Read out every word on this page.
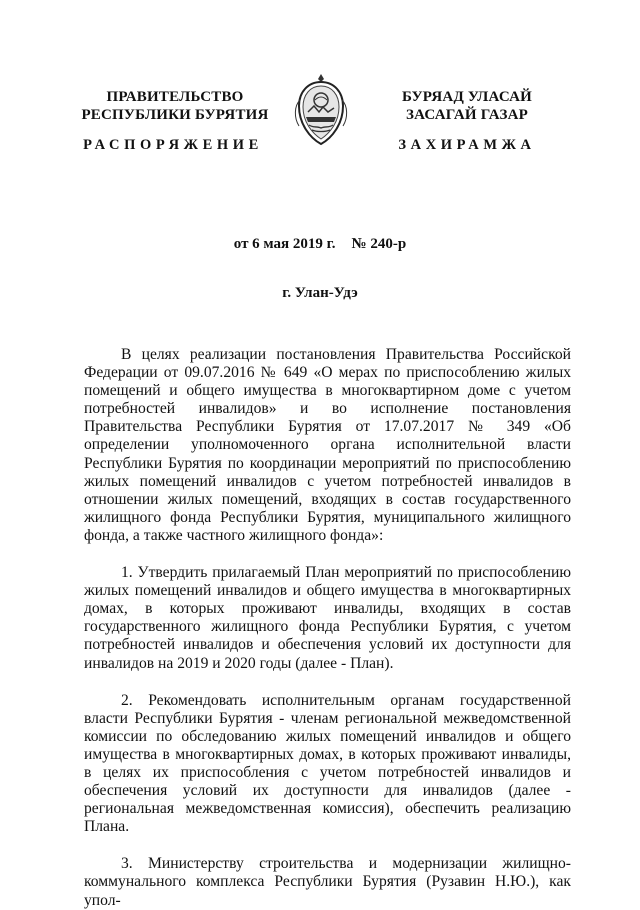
ПРАВИТЕЛЬСТВО
РЕСПУБЛИКИ БУРЯТИЯ
БУРЯАД УЛАСАЙ
ЗАСАГАЙ ГАЗАР
РАСПОРЯЖЕНИЕ	ЗАХИРАМЖА
от 6 мая 2019 г. № 240-р
г. Улан-Удэ

В целях реализации постановления Правительства Российской Федерации от 09.07.2016 № 649 «О мерах по приспособлению жилых помещений и общего имущества в многоквартирном доме с учетом потребностей инвалидов» и во исполнение постановления Правительства Республики Бурятия от 17.07.2017 № 349 «Об определении уполномоченного органа исполнительной власти Республики Бурятия по координации мероприятий по приспособлению жилых помещений инвалидов с учетом потребностей инвалидов в отношении жилых помещений, входящих в состав государственного жилищного фонда Республики Бурятия, муниципального жилищного фонда, а также частного жилищного фонда»:

1. Утвердить прилагаемый План мероприятий по приспособлению жилых помещений инвалидов и общего имущества в многоквартирных домах, в которых проживают инвалиды, входящих в состав государственного жилищного фонда Республики Бурятия, с учетом потребностей инвалидов и обеспечения условий их доступности для инвалидов на 2019 и 2020 годы (далее - План).

2. Рекомендовать исполнительным органам государственной власти Республики Бурятия - членам региональной межведомственной комиссии по обследованию жилых помещений инвалидов и общего имущества в многоквартирных домах, в которых проживают инвалиды, в целях их приспособления с учетом потребностей инвалидов и обеспечения условий их доступности для инвалидов (далее - региональная межведомственная комиссия), обеспечить реализацию Плана.

3. Министерству строительства и модернизации жилищно-коммунального комплекса Республики Бурятия (Рузавин Н.Ю.), как упол-
